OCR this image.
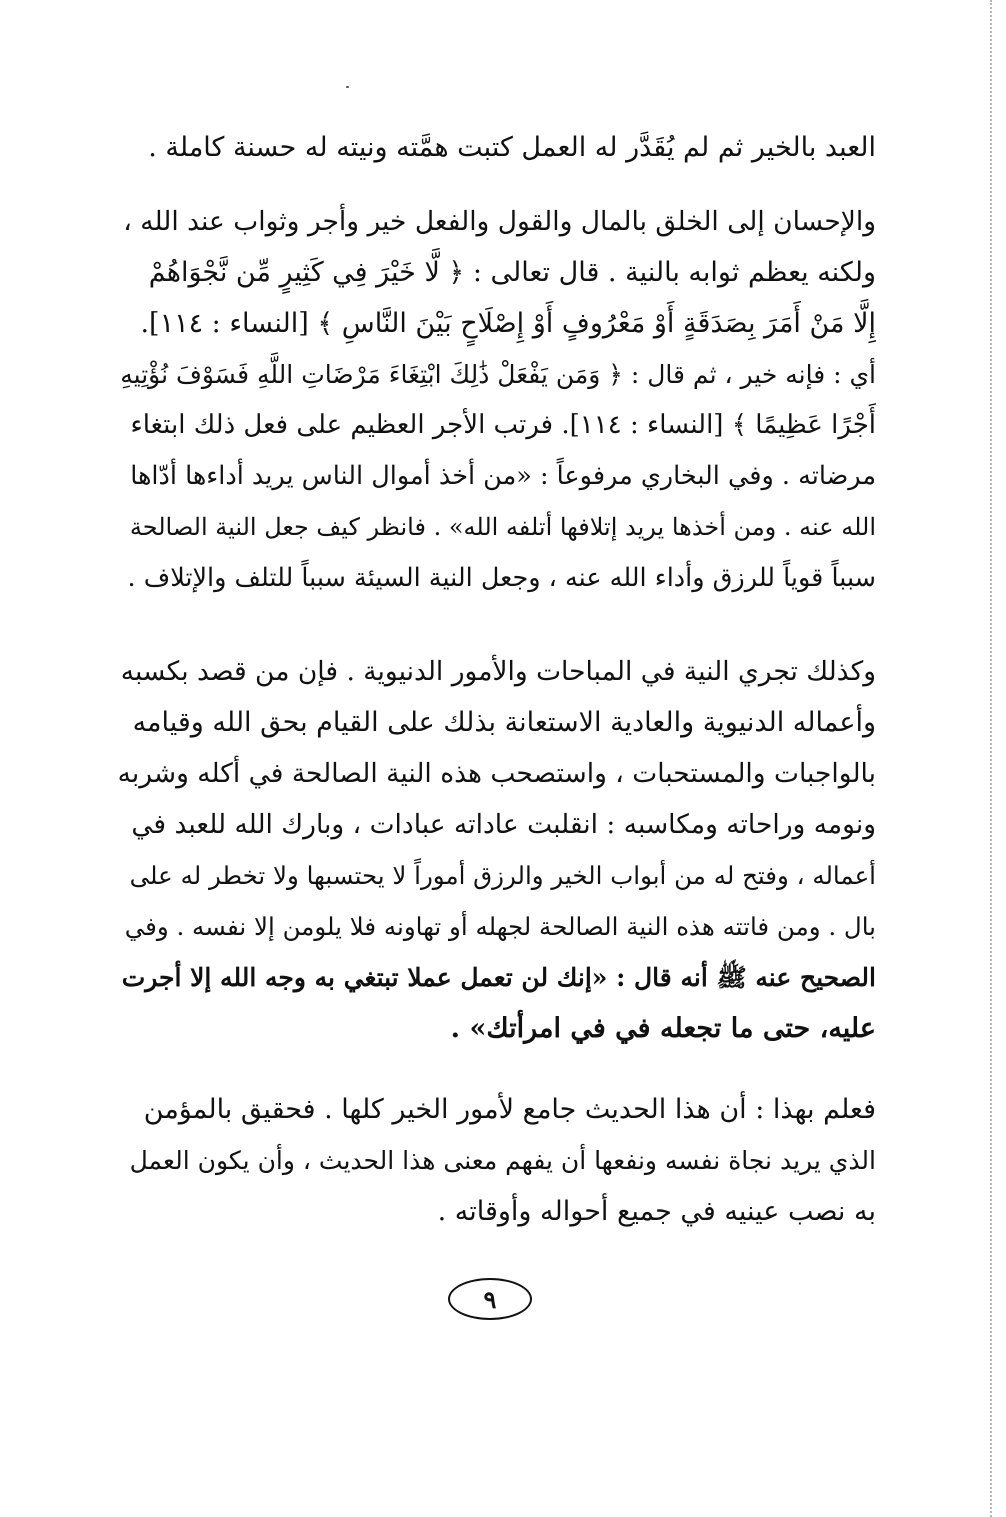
العبد بالخير ثم لم يُقَدَّر له العمل كتبت همَّته ونيته له حسنة كاملة .
والإحسان إلى الخلق بالمال والقول والفعل خير وأجر وثواب عند الله ،
ولكنه يعظم ثوابه بالنية . قال تعالى : ﴿ لَّا خَيْرَ فِي كَثِيرٍ مِّن نَّجْوَاهُمْ
إِلَّا مَنْ أَمَرَ بِصَدَقَةٍ أَوْ مَعْرُوفٍ أَوْ إِصْلَاحٍ بَيْنَ النَّاسِ ﴾ [النساء : ١١٤].
أي : فإنه خير ، ثم قال : ﴿ وَمَن يَفْعَلْ ذَٰلِكَ ابْتِغَاءَ مَرْضَاتِ اللَّهِ فَسَوْفَ نُؤْتِيهِ
أَجْرًا عَظِيمًا ﴾ [النساء : ١١٤]. فرتب الأجر العظيم على فعل ذلك ابتغاء
مرضاته . وفي البخاري مرفوعاً : «من أخذ أموال الناس يريد أداءها أدّاها
الله عنه . ومن أخذها يريد إتلافها أتلفه الله» . فانظر كيف جعل النية الصالحة
سبباً قوياً للرزق وأداء الله عنه ، وجعل النية السيئة سبباً للتلف والإتلاف .
وكذلك تجري النية في المباحات والأمور الدنيوية . فإن من قصد بكسبه
وأعماله الدنيوية والعادية الاستعانة بذلك على القيام بحق الله وقيامه
بالواجبات والمستحبات ، واستصحب هذه النية الصالحة في أكله وشربه
ونومه وراحاته ومكاسبه : انقلبت عاداته عبادات ، وبارك الله للعبد في
أعماله ، وفتح له من أبواب الخير والرزق أموراً لا يحتسبها ولا تخطر له على
بال . ومن فاتته هذه النية الصالحة لجهله أو تهاونه فلا يلومن إلا نفسه . وفي
الصحيح عنه ﷺ أنه قال : «إنك لن تعمل عملا تبتغي به وجه الله إلا أجرت
عليه، حتى ما تجعله في في امرأتك» .
فعلم بهذا : أن هذا الحديث جامع لأمور الخير كلها . فحقيق بالمؤمن
الذي يريد نجاة نفسه ونفعها أن يفهم معنى هذا الحديث ، وأن يكون العمل
به نصب عينيه في جميع أحواله وأوقاته .
٩
